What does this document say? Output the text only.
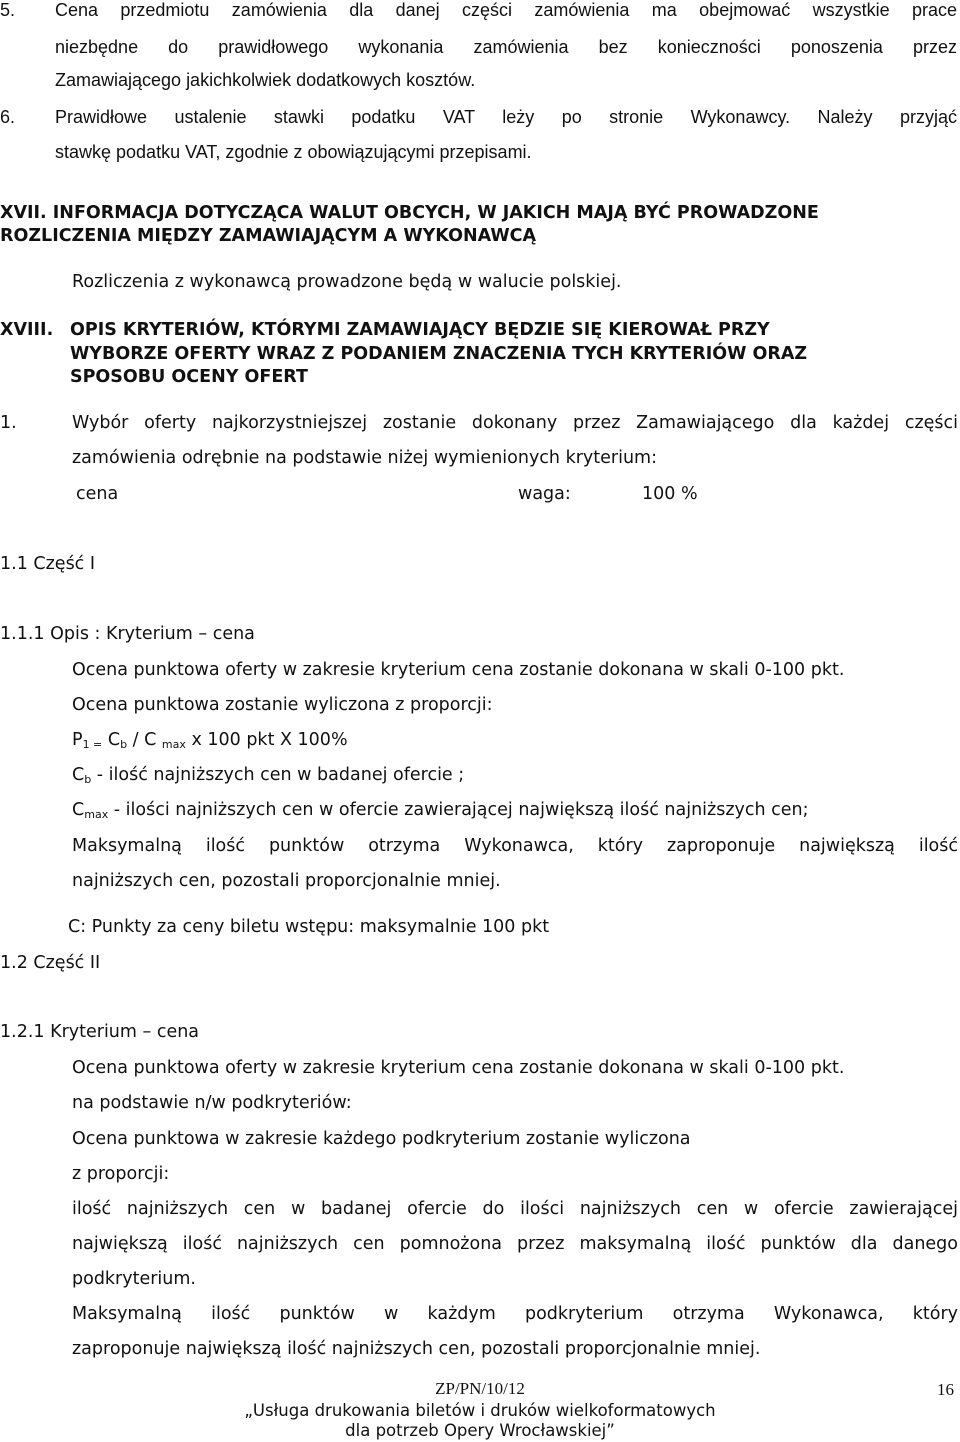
5. Cena przedmiotu zamówienia dla danej części zamówienia ma obejmować wszystkie prace
niezbędne do prawidłowego wykonania zamówienia bez konieczności ponoszenia przez
Zamawiającego jakichkolwiek dodatkowych kosztów.
6. Prawidłowe ustalenie stawki podatku VAT leży po stronie Wykonawcy. Należy przyjąć
stawkę podatku VAT, zgodnie z obowiązującymi przepisami.
XVII. INFORMACJA DOTYCZĄCA WALUT OBCYCH, W JAKICH MAJĄ BYĆ PROWADZONE
ROZLICZENIA MIĘDZY ZAMAWIAJĄCYM A WYKONAWCĄ
Rozliczenia z wykonawcą prowadzone będą w walucie polskiej.
XVIII. OPIS KRYTERIÓW, KTÓRYMI ZAMAWIAJĄCY BĘDZIE SIĘ KIEROWAŁ PRZY
WYBORZE OFERTY WRAZ Z PODANIEM ZNACZENIA TYCH KRYTERIÓW ORAZ
SPOSOBU OCENY OFERT
1.	Wybór oferty najkorzystniejszej zostanie dokonany przez Zamawiającego dla każdej części
zamówienia odrębnie na podstawie niżej wymienionych kryterium:
cena	waga:	100 %
1.1 Część I
1.1.1 Opis : Kryterium – cena
Ocena punktowa oferty w zakresie kryterium cena zostanie dokonana w skali 0-100 pkt.
Ocena punktowa zostanie wyliczona z proporcji:
$P_{1 =}$ $C_b$ / C $_{max}$ x 100 pkt X 100%
$C_b$ - ilość najniższych cen w badanej ofercie ;
$C_{max}$ - ilości najniższych cen w ofercie zawierającej największą ilość najniższych cen;
Maksymalną ilość punktów otrzyma Wykonawca, który zaproponuje największą ilość
najniższych cen, pozostali proporcjonalnie mniej.
C: Punkty za ceny biletu wstępu: maksymalnie 100 pkt
1.2 Część II
1.2.1 Kryterium – cena
Ocena punktowa oferty w zakresie kryterium cena zostanie dokonana w skali 0-100 pkt.
na podstawie n/w podkryteriów:
Ocena punktowa w zakresie każdego podkryterium zostanie wyliczona
z proporcji:
ilość najniższych cen w badanej ofercie do ilości najniższych cen w ofercie zawierającej
największą ilość najniższych cen pomnożona przez maksymalną ilość punktów dla danego
podkryterium.
Maksymalną ilość punktów w każdym podkryterium otrzyma Wykonawca, który
zaproponuje największą ilość najniższych cen, pozostali proporcjonalnie mniej.
ZP/PN/10/12	16
„Usługa drukowania biletów i druków wielkoformatowych
dla potrzeb Opery Wrocławskiej”
